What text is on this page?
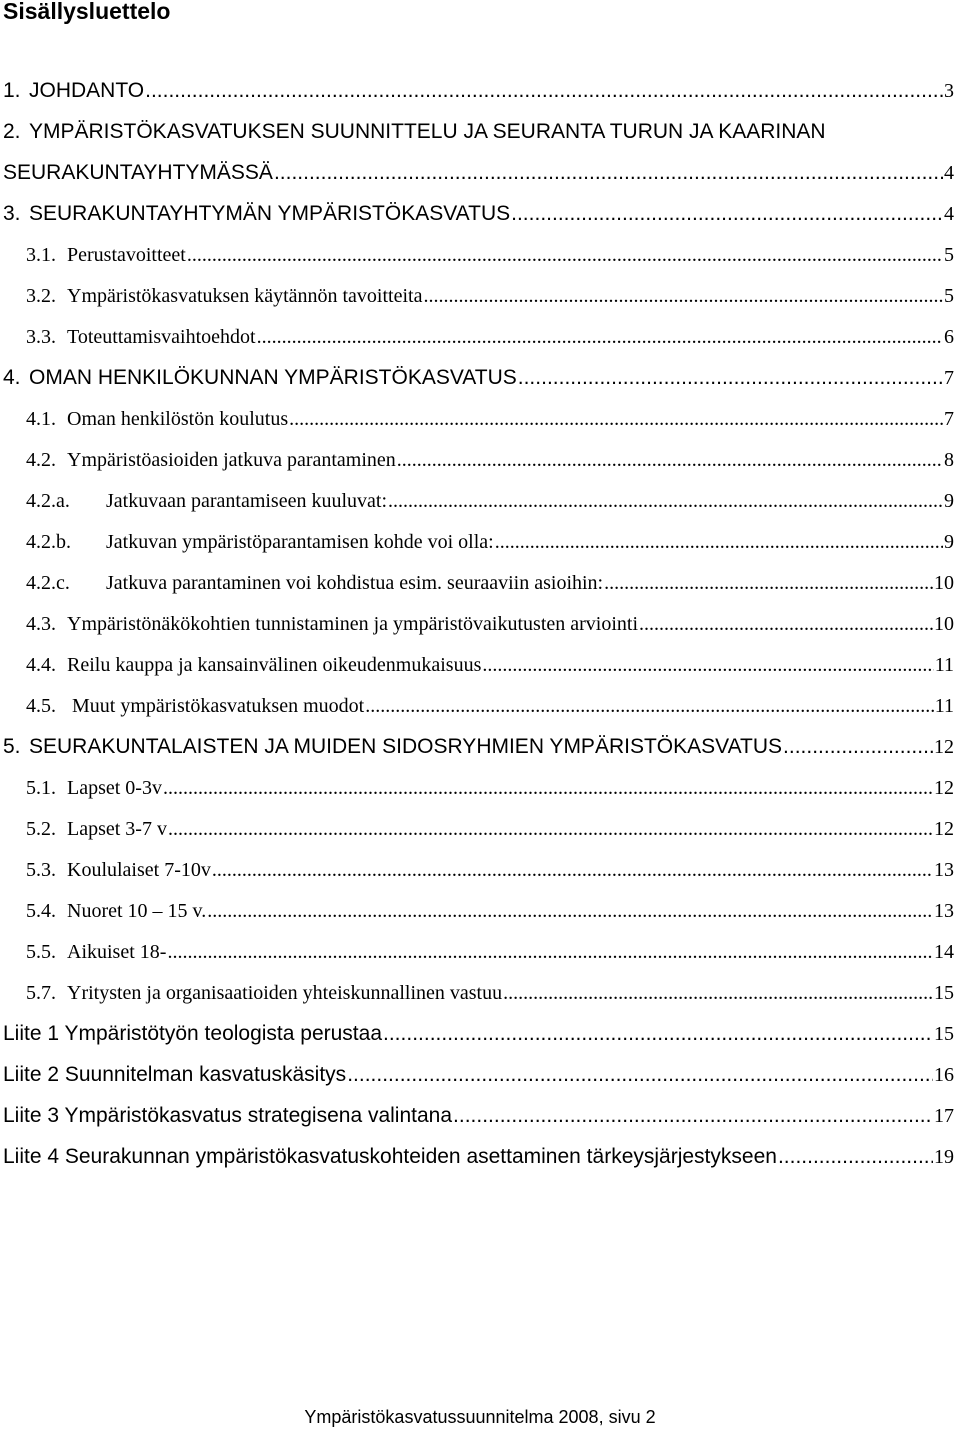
Sisällysluettelo
1. JOHDANTO .....	3
2. YMPÄRISTÖKASVATUKSEN SUUNNITTELU JA SEURANTA TURUN JA KAARINAN
SEURAKUNTAYHTYMÄSSÄ .....	4
3. SEURAKUNTAYHTYMÄN YMPÄRISTÖKASVATUS .....	4
3.1. Perustavoitteet .....	5
3.2. Ympäristökasvatuksen käytännön tavoitteita .....	5
3.3. Toteuttamisvaihtoehdot .....	6
4. OMAN HENKILÖKUNNAN YMPÄRISTÖKASVATUS .....	7
4.1. Oman henkilöstön koulutus .....	7
4.2. Ympäristöasioiden jatkuva parantaminen .....	8
4.2.a.	Jatkuvaan parantamiseen kuuluvat: .....	9
4.2.b.	Jatkuvan ympäristöparantamisen kohde voi olla: .....	9
4.2.c.	Jatkuva parantaminen voi kohdistua esim. seuraaviin asioihin: .....	10
4.3. Ympäristönäkökohtien tunnistaminen ja ympäristövaikutusten arviointi .....	10
4.4. Reilu kauppa ja kansainvälinen oikeudenmukaisuus .....	11
4.5. Muut ympäristökasvatuksen muodot .....	11
5. SEURAKUNTALAISTEN JA MUIDEN SIDOSRYHMIEN YMPÄRISTÖKASVATUS .....	12
5.1. Lapset 0-3v .....	12
5.2. Lapset 3-7 v .....	12
5.3. Koululaiset 7-10v .....	13
5.4. Nuoret 10 – 15 v. .....	13
5.5. Aikuiset 18- .....	14
5.7. Yritysten ja organisaatioiden yhteiskunnallinen vastuu .....	15
Liite 1 Ympäristötyön teologista perustaa .....	15
Liite 2 Suunnitelman kasvatuskäsitys .....	16
Liite 3 Ympäristökasvatus strategisena valintana .....	17
Liite 4 Seurakunnan ympäristökasvatuskohteiden asettaminen tärkeysjärjestykseen .....	19
Ympäristökasvatussuunnitelma 2008, sivu 2
